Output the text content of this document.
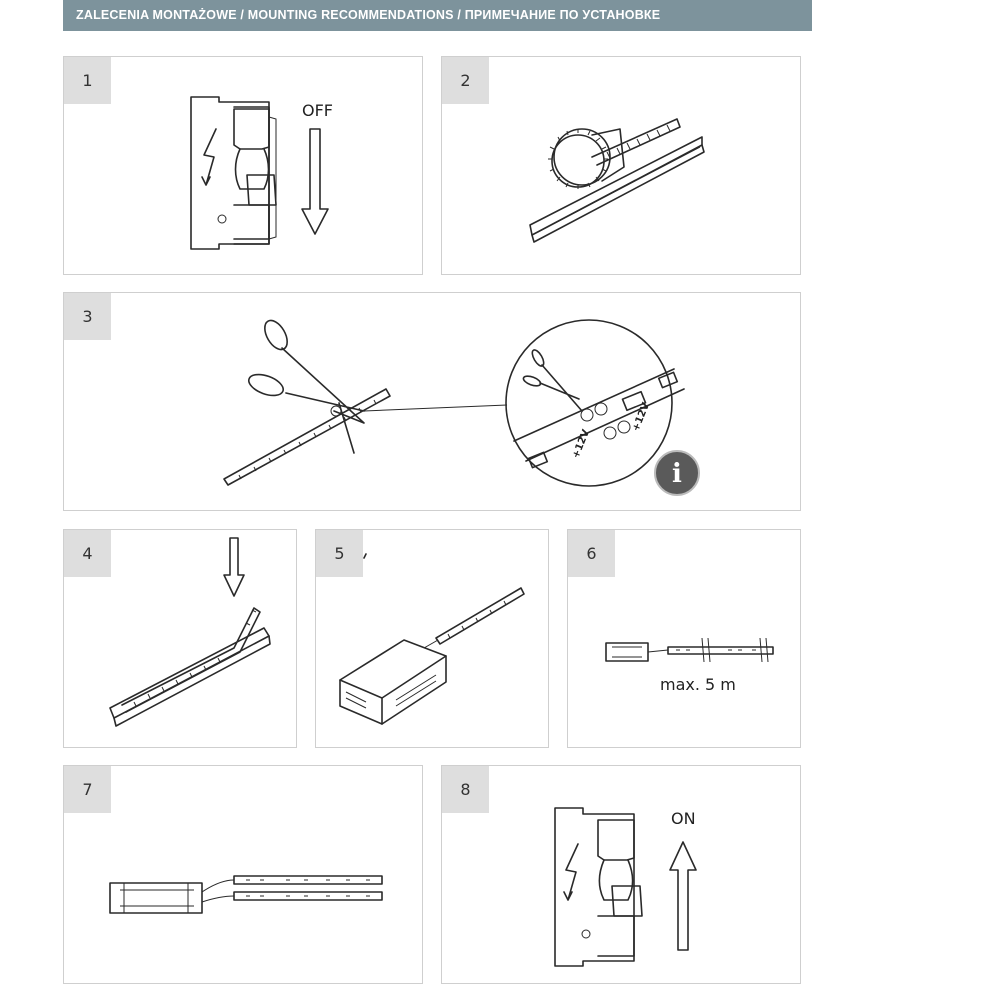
ZALECENIA MONTAŻOWE / MOUNTING RECOMMENDATIONS / ПРИМЕЧАНИЕ ПО УСТАНОВКЕ
1
OFF
2
3
+12V
+12V
i
4	5	6
max. 5 m
7	8
ON
